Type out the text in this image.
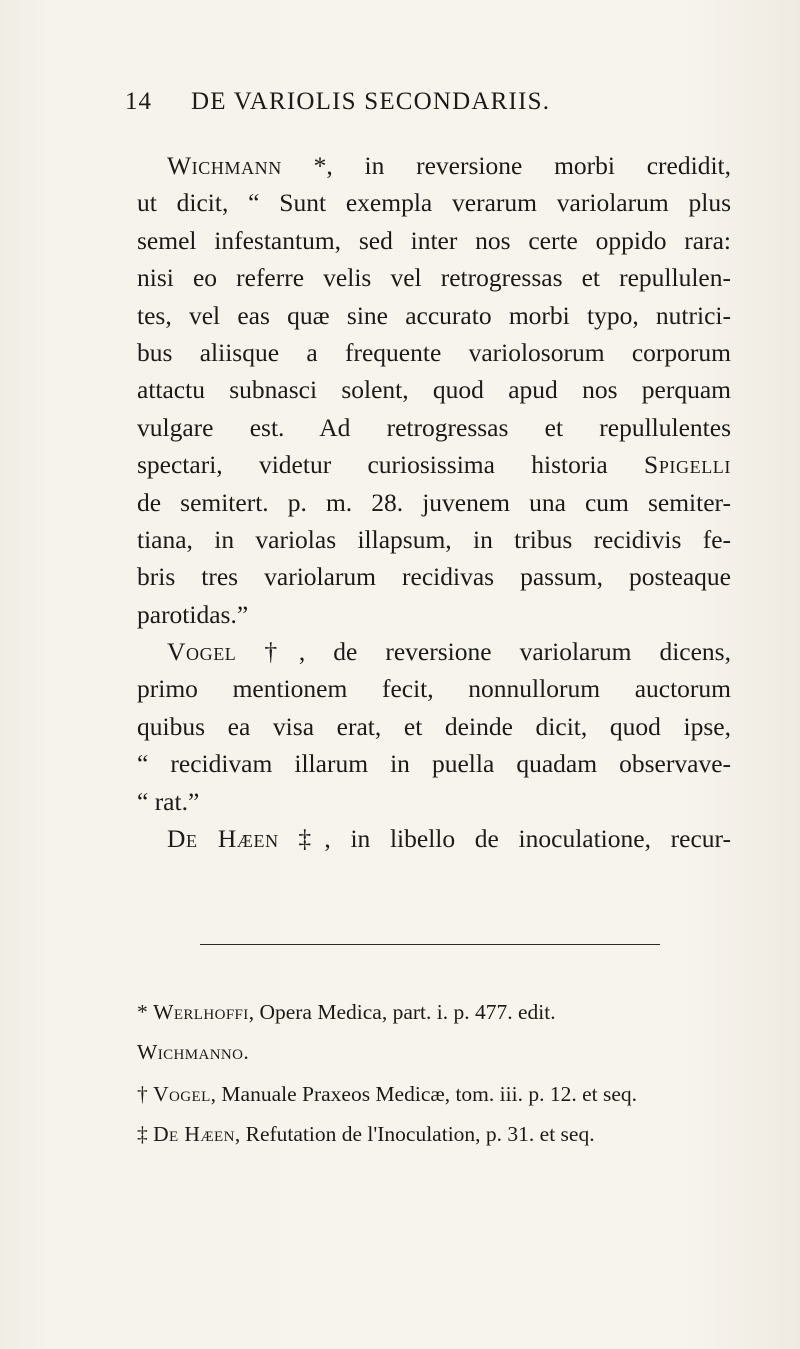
14 DE VARIOLIS SECONDARIIS.
Wichmann *, in reversione morbi credidit,
ut dicit, “ Sunt exempla verarum variolarum plus
semel infestantum, sed inter nos certe oppido rara:
nisi eo referre velis vel retrogressas et repullulen-
tes, vel eas quæ sine accurato morbi typo, nutrici-
bus aliisque a frequente variolosorum corporum
attactu subnasci solent, quod apud nos perquam
vulgare est. Ad retrogressas et repullulentes
spectari, videtur curiosissima historia Spigelli
de semitert. p. m. 28. juvenem una cum semiter-
tiana, in variolas illapsum, in tribus recidivis fe-
bris tres variolarum recidivas passum, posteaque
parotidas.”
Vogel †, de reversione variolarum dicens,
primo mentionem fecit, nonnullorum auctorum
quibus ea visa erat, et deinde dicit, quod ipse,
“ recidivam illarum in puella quadam observave-
“ rat.”
De Hæen ‡, in libello de inoculatione, recur-
* Werlhoffi, Opera Medica, part. i. p. 477. edit.
Wichmanno.
† Vogel, Manuale Praxeos Medicæ, tom. iii. p. 12. et seq.
‡ De Hæen, Refutation de l'Inoculation, p. 31. et seq.
